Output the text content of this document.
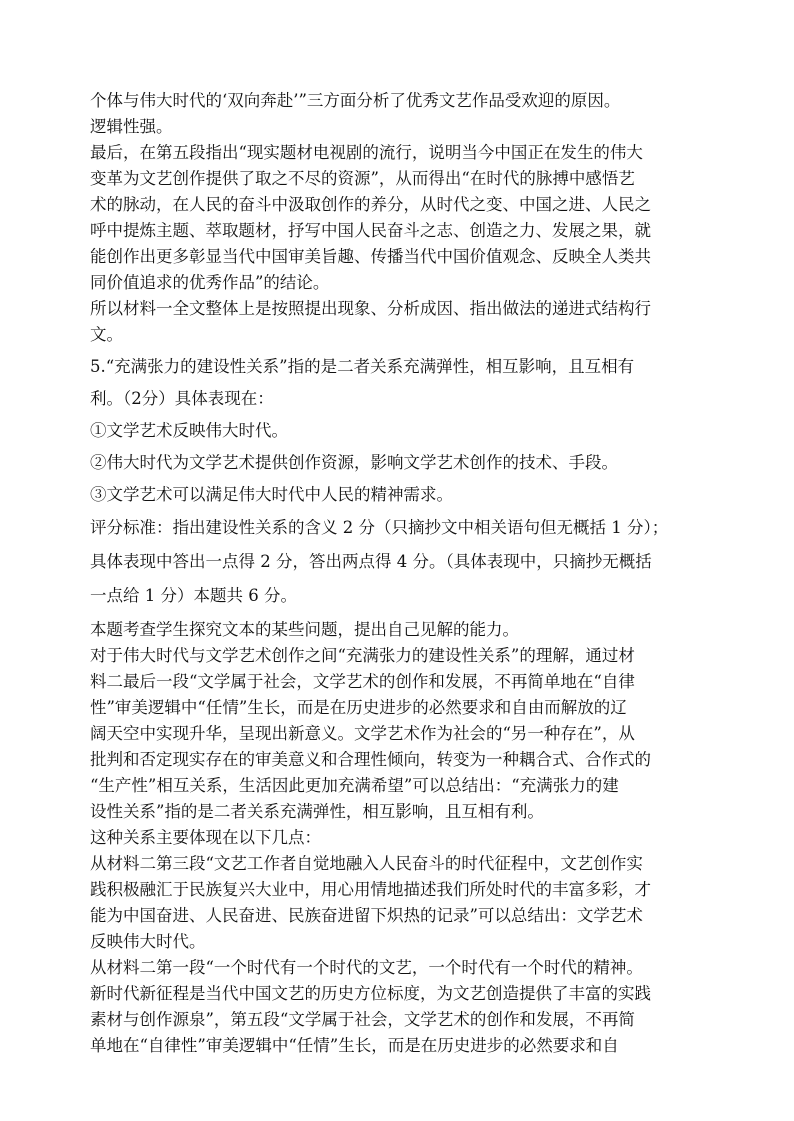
个体与伟大时代的‘双向奔赴’”三方面分析了优秀文艺作品受欢迎的原因。

逻辑性强。

最后，在第五段指出“现实题材电视剧的流行，说明当今中国正在发生的伟大

变革为文艺创作提供了取之不尽的资源”，从而得出“在时代的脉搏中感悟艺

术的脉动，在人民的奋斗中汲取创作的养分，从时代之变、中国之进、人民之

呼中提炼主题、萃取题材，抒写中国人民奋斗之志、创造之力、发展之果，就

能创作出更多彰显当代中国审美旨趣、传播当代中国价值观念、反映全人类共

同价值追求的优秀作品”的结论。

所以材料一全文整体上是按照提出现象、分析成因、指出做法的递进式结构行

文。

5.“充满张力的建设性关系”指的是二者关系充满弹性，相互影响，且互相有

利。（2分）具体表现在：

①文学艺术反映伟大时代。

②伟大时代为文学艺术提供创作资源，影响文学艺术创作的技术、手段。

③文学艺术可以满足伟大时代中人民的精神需求。

评分标准：指出建设性关系的含义 2 分（只摘抄文中相关语句但无概括 1 分）；

具体表现中答出一点得 2 分，答出两点得 4 分。（具体表现中，只摘抄无概括

一点给 1 分）本题共 6 分。

本题考查学生探究文本的某些问题，提出自己见解的能力。

对于伟大时代与文学艺术创作之间“充满张力的建设性关系”的理解，通过材

料二最后一段“文学属于社会，文学艺术的创作和发展，不再简单地在“自律

性”审美逻辑中“任情”生长，而是在历史进步的必然要求和自由而解放的辽

阔天空中实现升华，呈现出新意义。文学艺术作为社会的“另一种存在”，从

批判和否定现实存在的审美意义和合理性倾向，转变为一种耦合式、合作式的

“生产性”相互关系，生活因此更加充满希望”可以总结出：“充满张力的建

设性关系”指的是二者关系充满弹性，相互影响，且互相有利。

这种关系主要体现在以下几点：

从材料二第三段“文艺工作者自觉地融入人民奋斗的时代征程中，文艺创作实

践积极融汇于民族复兴大业中，用心用情地描述我们所处时代的丰富多彩，才

能为中国奋进、人民奋进、民族奋进留下炽热的记录”可以总结出：文学艺术

反映伟大时代。

从材料二第一段“一个时代有一个时代的文艺，一个时代有一个时代的精神。

新时代新征程是当代中国文艺的历史方位标度，为文艺创造提供了丰富的实践

素材与创作源泉”，第五段“文学属于社会，文学艺术的创作和发展，不再简

单地在“自律性”审美逻辑中“任情”生长，而是在历史进步的必然要求和自
